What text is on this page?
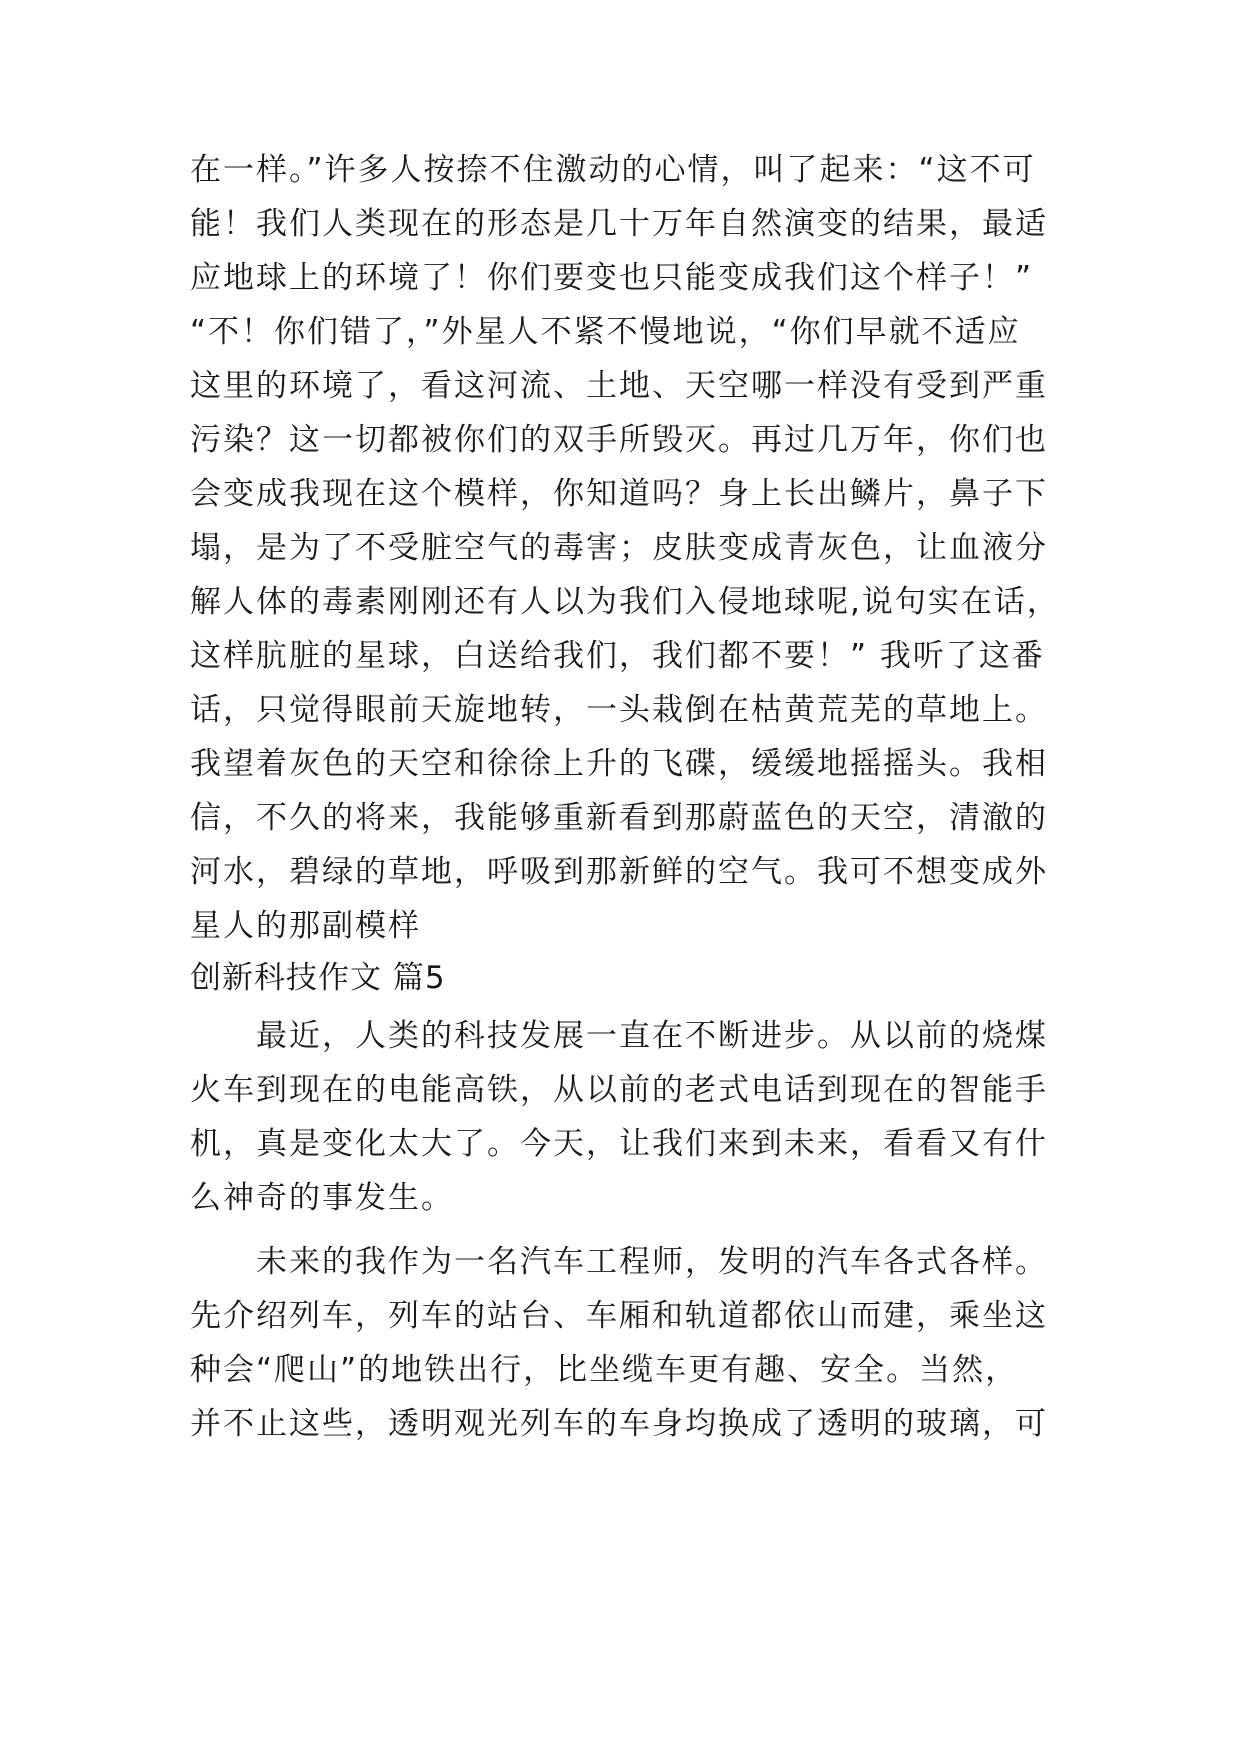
在一样。”许多人按捺不住激动的心情，叫了起来：“这不可

能！我们人类现在的形态是几十万年自然演变的结果，最适

应地球上的环境了！你们要变也只能变成我们这个样子！”

“不！你们错了，”外星人不紧不慢地说，“你们早就不适应

这里的环境了，看这河流、土地、天空哪一样没有受到严重

污染？这一切都被你们的双手所毁灭。再过几万年，你们也

会变成我现在这个模样，你知道吗？身上长出鳞片，鼻子下

塌，是为了不受脏空气的毒害；皮肤变成青灰色，让血液分

解人体的毒素刚刚还有人以为我们入侵地球呢,说句实在话，

这样肮脏的星球，白送给我们，我们都不要！” 我听了这番

话，只觉得眼前天旋地转，一头栽倒在枯黄荒芜的草地上。

我望着灰色的天空和徐徐上升的飞碟，缓缓地摇摇头。我相

信，不久的将来，我能够重新看到那蔚蓝色的天空，清澈的

河水，碧绿的草地，呼吸到那新鲜的空气。我可不想变成外

星人的那副模样

创新科技作文 篇5

　　最近，人类的科技发展一直在不断进步。从以前的烧煤

火车到现在的电能高铁，从以前的老式电话到现在的智能手

机，真是变化太大了。今天，让我们来到未来，看看又有什

么神奇的事发生。

　　未来的我作为一名汽车工程师，发明的汽车各式各样。

先介绍列车，列车的站台、车厢和轨道都依山而建，乘坐这

种会“爬山”的地铁出行，比坐缆车更有趣、安全。当然，

并不止这些，透明观光列车的车身均换成了透明的玻璃，可
